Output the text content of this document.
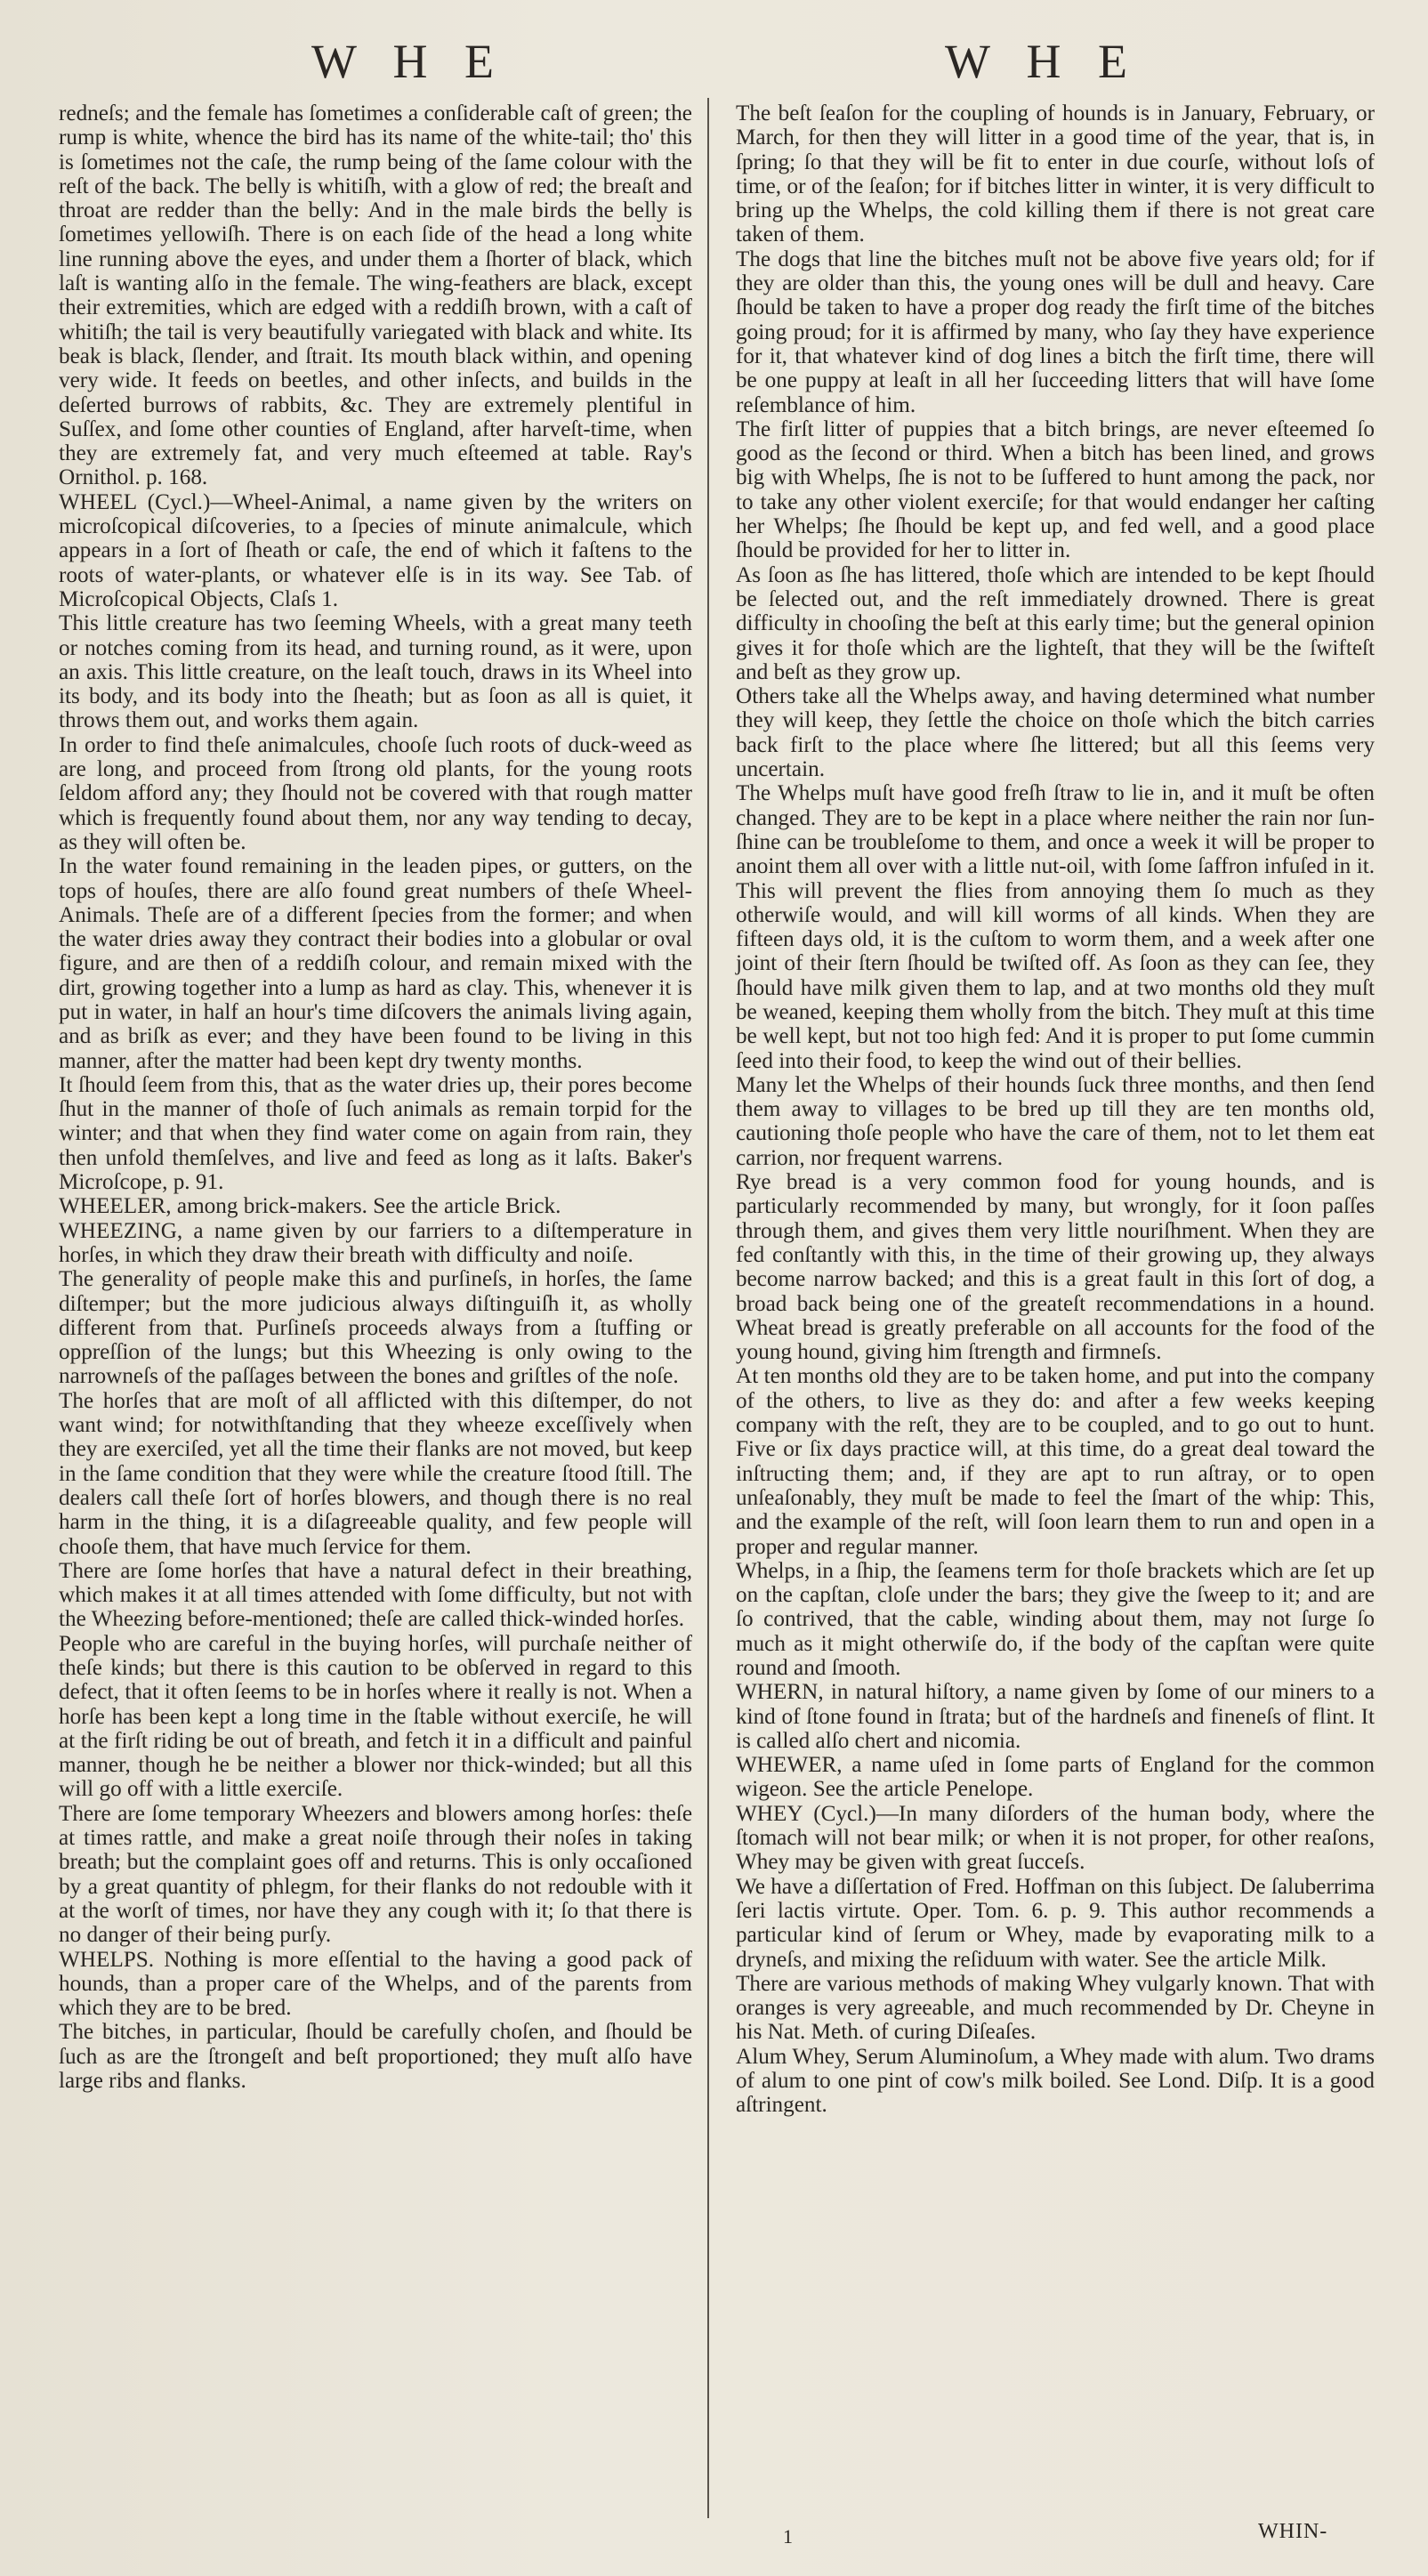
W H E	W H E

redneſs; and the female has ſometimes a conſiderable caſt of green; the rump is white, whence the bird has its name of the white-tail; tho' this is ſometimes not the caſe, the rump being of the ſame colour with the reſt of the back. The belly is whitiſh, with a glow of red; the breaſt and throat are redder than the belly: And in the male birds the belly is ſometimes yellowiſh. There is on each ſide of the head a long white line running above the eyes, and under them a ſhorter of black, which laſt is wanting alſo in the female. The wing-feathers are black, except their extremities, which are edged with a reddiſh brown, with a caſt of whitiſh; the tail is very beautifully variegated with black and white. Its beak is black, ſlender, and ſtrait. Its mouth black within, and opening very wide. It feeds on beetles, and other inſects, and builds in the deſerted burrows of rabbits, &c. They are extremely plentiful in Suſſex, and ſome other counties of England, after harveſt-time, when they are extremely fat, and very much eſteemed at table. Ray's Ornithol. p. 168.

WHEEL (Cycl.)—Wheel-Animal, a name given by the writers on microſcopical diſcoveries, to a ſpecies of minute animalcule, which appears in a ſort of ſheath or caſe, the end of which it faſtens to the roots of water-plants, or whatever elſe is in its way. See Tab. of Microſcopical Objects, Claſs 1.

This little creature has two ſeeming Wheels, with a great many teeth or notches coming from its head, and turning round, as it were, upon an axis. This little creature, on the leaſt touch, draws in its Wheel into its body, and its body into the ſheath; but as ſoon as all is quiet, it throws them out, and works them again.

In order to find theſe animalcules, chooſe ſuch roots of duck-weed as are long, and proceed from ſtrong old plants, for the young roots ſeldom afford any; they ſhould not be covered with that rough matter which is frequently found about them, nor any way tending to decay, as they will often be.

In the water found remaining in the leaden pipes, or gutters, on the tops of houſes, there are alſo found great numbers of theſe Wheel-Animals. Theſe are of a different ſpecies from the former; and when the water dries away they contract their bodies into a globular or oval figure, and are then of a reddiſh colour, and remain mixed with the dirt, growing together into a lump as hard as clay. This, whenever it is put in water, in half an hour's time diſcovers the animals living again, and as briſk as ever; and they have been found to be living in this manner, after the matter had been kept dry twenty months.

It ſhould ſeem from this, that as the water dries up, their pores become ſhut in the manner of thoſe of ſuch animals as remain torpid for the winter; and that when they find water come on again from rain, they then unfold themſelves, and live and feed as long as it laſts. Baker's Microſcope, p. 91.

WHEELER, among brick-makers. See the article Brick.

WHEEZING, a name given by our farriers to a diſtemperature in horſes, in which they draw their breath with difficulty and noiſe.

The generality of people make this and purſineſs, in horſes, the ſame diſtemper; but the more judicious always diſtinguiſh it, as wholly different from that. Purſineſs proceeds always from a ſtuffing or oppreſſion of the lungs; but this Wheezing is only owing to the narrowneſs of the paſſages between the bones and griſtles of the noſe.

The horſes that are moſt of all afflicted with this diſtemper, do not want wind; for notwithſtanding that they wheeze exceſſively when they are exerciſed, yet all the time their flanks are not moved, but keep in the ſame condition that they were while the creature ſtood ſtill. The dealers call theſe ſort of horſes blowers, and though there is no real harm in the thing, it is a diſagreeable quality, and few people will chooſe them, that have much ſervice for them.

There are ſome horſes that have a natural defect in their breathing, which makes it at all times attended with ſome difficulty, but not with the Wheezing before-mentioned; theſe are called thick-winded horſes.

People who are careful in the buying horſes, will purchaſe neither of theſe kinds; but there is this caution to be obſerved in regard to this defect, that it often ſeems to be in horſes where it really is not. When a horſe has been kept a long time in the ſtable without exerciſe, he will at the firſt riding be out of breath, and fetch it in a difficult and painful manner, though he be neither a blower nor thick-winded; but all this will go off with a little exerciſe.

There are ſome temporary Wheezers and blowers among horſes: theſe at times rattle, and make a great noiſe through their noſes in taking breath; but the complaint goes off and returns. This is only occaſioned by a great quantity of phlegm, for their flanks do not redouble with it at the worſt of times, nor have they any cough with it; ſo that there is no danger of their being purſy.

WHELPS. Nothing is more eſſential to the having a good pack of hounds, than a proper care of the Whelps, and of the parents from which they are to be bred.

The bitches, in particular, ſhould be carefully choſen, and ſhould be ſuch as are the ſtrongeſt and beſt proportioned; they muſt alſo have large ribs and flanks.

The beſt ſeaſon for the coupling of hounds is in January, February, or March, for then they will litter in a good time of the year, that is, in ſpring; ſo that they will be fit to enter in due courſe, without loſs of time, or of the ſeaſon; for if bitches litter in winter, it is very difficult to bring up the Whelps, the cold killing them if there is not great care taken of them.

The dogs that line the bitches muſt not be above five years old; for if they are older than this, the young ones will be dull and heavy. Care ſhould be taken to have a proper dog ready the firſt time of the bitches going proud; for it is affirmed by many, who ſay they have experience for it, that whatever kind of dog lines a bitch the firſt time, there will be one puppy at leaſt in all her ſucceeding litters that will have ſome reſemblance of him.

The firſt litter of puppies that a bitch brings, are never eſteemed ſo good as the ſecond or third. When a bitch has been lined, and grows big with Whelps, ſhe is not to be ſuffered to hunt among the pack, nor to take any other violent exerciſe; for that would endanger her caſting her Whelps; ſhe ſhould be kept up, and fed well, and a good place ſhould be provided for her to litter in.

As ſoon as ſhe has littered, thoſe which are intended to be kept ſhould be ſelected out, and the reſt immediately drowned. There is great difficulty in chooſing the beſt at this early time; but the general opinion gives it for thoſe which are the lighteſt, that they will be the ſwifteſt and beſt as they grow up.

Others take all the Whelps away, and having determined what number they will keep, they ſettle the choice on thoſe which the bitch carries back firſt to the place where ſhe littered; but all this ſeems very uncertain.

The Whelps muſt have good freſh ſtraw to lie in, and it muſt be often changed. They are to be kept in a place where neither the rain nor ſun-ſhine can be troubleſome to them, and once a week it will be proper to anoint them all over with a little nut-oil, with ſome ſaffron infuſed in it. This will prevent the flies from annoying them ſo much as they otherwiſe would, and will kill worms of all kinds. When they are fifteen days old, it is the cuſtom to worm them, and a week after one joint of their ſtern ſhould be twiſted off. As ſoon as they can ſee, they ſhould have milk given them to lap, and at two months old they muſt be weaned, keeping them wholly from the bitch. They muſt at this time be well kept, but not too high fed: And it is proper to put ſome cummin ſeed into their food, to keep the wind out of their bellies.

Many let the Whelps of their hounds ſuck three months, and then ſend them away to villages to be bred up till they are ten months old, cautioning thoſe people who have the care of them, not to let them eat carrion, nor frequent warrens.

Rye bread is a very common food for young hounds, and is particularly recommended by many, but wrongly, for it ſoon paſſes through them, and gives them very little nouriſhment. When they are fed conſtantly with this, in the time of their growing up, they always become narrow backed; and this is a great fault in this ſort of dog, a broad back being one of the greateſt recommendations in a hound. Wheat bread is greatly preferable on all accounts for the food of the young hound, giving him ſtrength and firmneſs.

At ten months old they are to be taken home, and put into the company of the others, to live as they do: and after a few weeks keeping company with the reſt, they are to be coupled, and to go out to hunt. Five or ſix days practice will, at this time, do a great deal toward the inſtructing them; and, if they are apt to run aſtray, or to open unſeaſonably, they muſt be made to feel the ſmart of the whip: This, and the example of the reſt, will ſoon learn them to run and open in a proper and regular manner.

Whelps, in a ſhip, the ſeamens term for thoſe brackets which are ſet up on the capſtan, cloſe under the bars; they give the ſweep to it; and are ſo contrived, that the cable, winding about them, may not ſurge ſo much as it might otherwiſe do, if the body of the capſtan were quite round and ſmooth.

WHERN, in natural hiſtory, a name given by ſome of our miners to a kind of ſtone found in ſtrata; but of the hardneſs and fineneſs of flint. It is called alſo chert and nicomia.

WHEWER, a name uſed in ſome parts of England for the common wigeon. See the article Penelope.

WHEY (Cycl.)—In many diſorders of the human body, where the ſtomach will not bear milk; or when it is not proper, for other reaſons, Whey may be given with great ſucceſs.

We have a diſſertation of Fred. Hoffman on this ſubject. De ſaluberrima ſeri lactis virtute. Oper. Tom. 6. p. 9. This author recommends a particular kind of ſerum or Whey, made by evaporating milk to a dryneſs, and mixing the reſiduum with water. See the article Milk.

There are various methods of making Whey vulgarly known. That with oranges is very agreeable, and much recommended by Dr. Cheyne in his Nat. Meth. of curing Diſeaſes.

Alum Whey, Serum Aluminoſum, a Whey made with alum. Two drams of alum to one pint of cow's milk boiled. See Lond. Diſp. It is a good aſtringent.

1	WHIN-
